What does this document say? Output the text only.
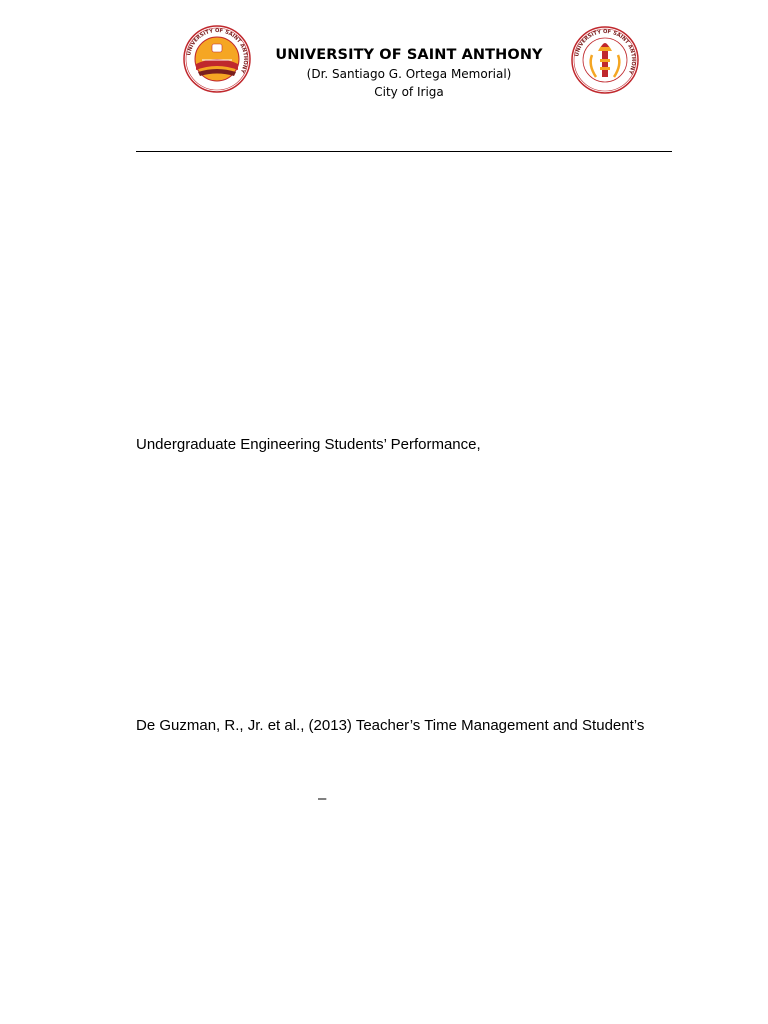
UNIVERSITY OF SAINT ANTHONY
UNIVERSITY OF SAINT ANTHONY
UNIVERSITY OF SAINT ANTHONY
(Dr. Santiago G. Ortega Memorial)
City of Iriga
Undergraduate Engineering Students’ Performance,
De Guzman, R., Jr. et al., (2013) Teacher’s Time Management and Student’s
–
